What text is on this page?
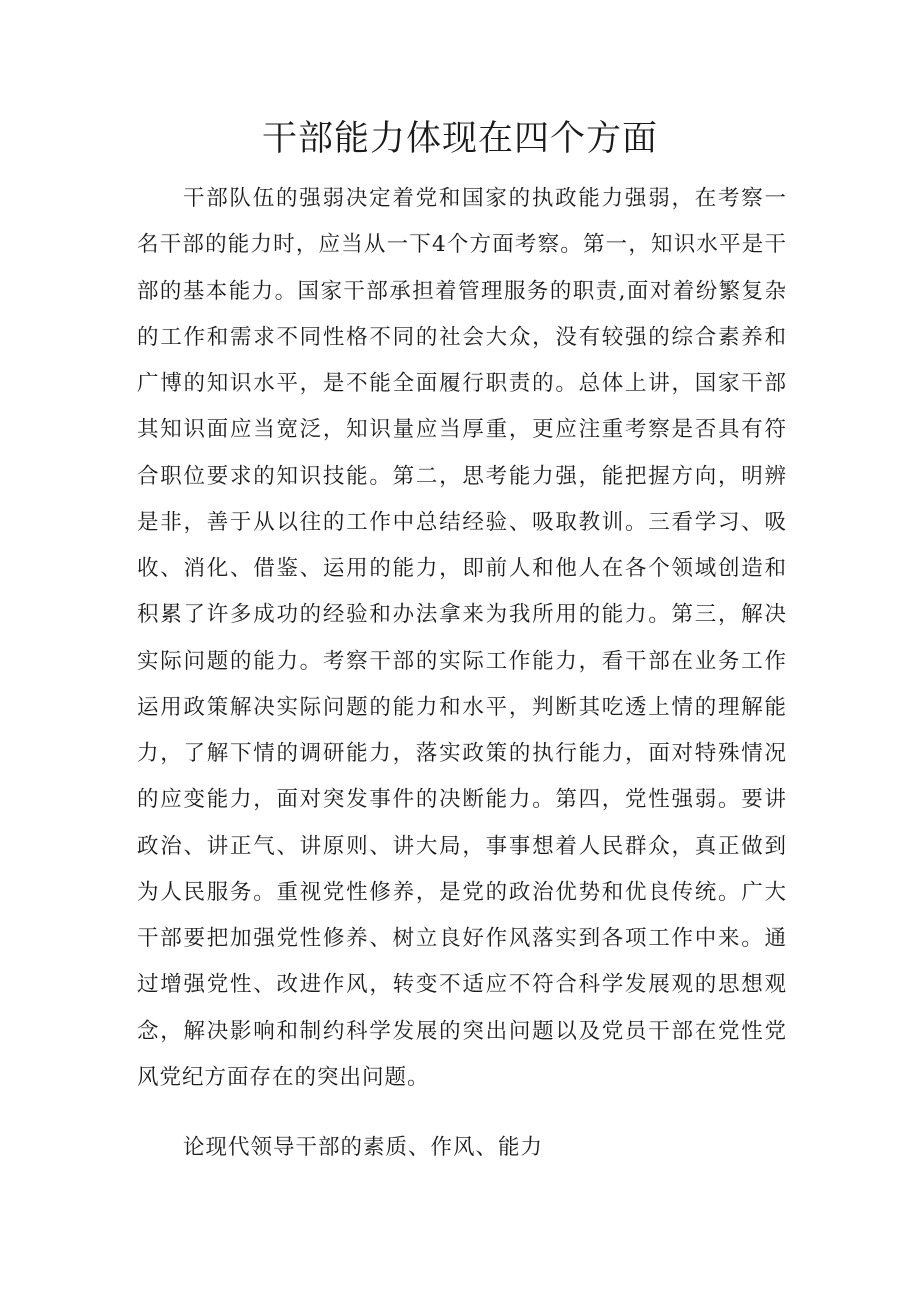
干部能力体现在四个方面

干部队伍的强弱决定着党和国家的执政能力强弱，在考察一名干部的能力时，应当从一下4个方面考察。第一，知识水平是干部的基本能力。国家干部承担着管理服务的职责,面对着纷繁复杂的工作和需求不同性格不同的社会大众，没有较强的综合素养和广博的知识水平，是不能全面履行职责的。总体上讲，国家干部其知识面应当宽泛，知识量应当厚重，更应注重考察是否具有符合职位要求的知识技能。第二，思考能力强，能把握方向，明辨是非，善于从以往的工作中总结经验、吸取教训。三看学习、吸收、消化、借鉴、运用的能力，即前人和他人在各个领域创造和积累了许多成功的经验和办法拿来为我所用的能力。第三，解决实际问题的能力。考察干部的实际工作能力，看干部在业务工作运用政策解决实际问题的能力和水平，判断其吃透上情的理解能力，了解下情的调研能力，落实政策的执行能力，面对特殊情况的应变能力，面对突发事件的决断能力。第四，党性强弱。要讲政治、讲正气、讲原则、讲大局，事事想着人民群众，真正做到为人民服务。重视党性修养，是党的政治优势和优良传统。广大干部要把加强党性修养、树立良好作风落实到各项工作中来。通过增强党性、改进作风，转变不适应不符合科学发展观的思想观念，解决影响和制约科学发展的突出问题以及党员干部在党性党风党纪方面存在的突出问题。

论现代领导干部的素质、作风、能力
